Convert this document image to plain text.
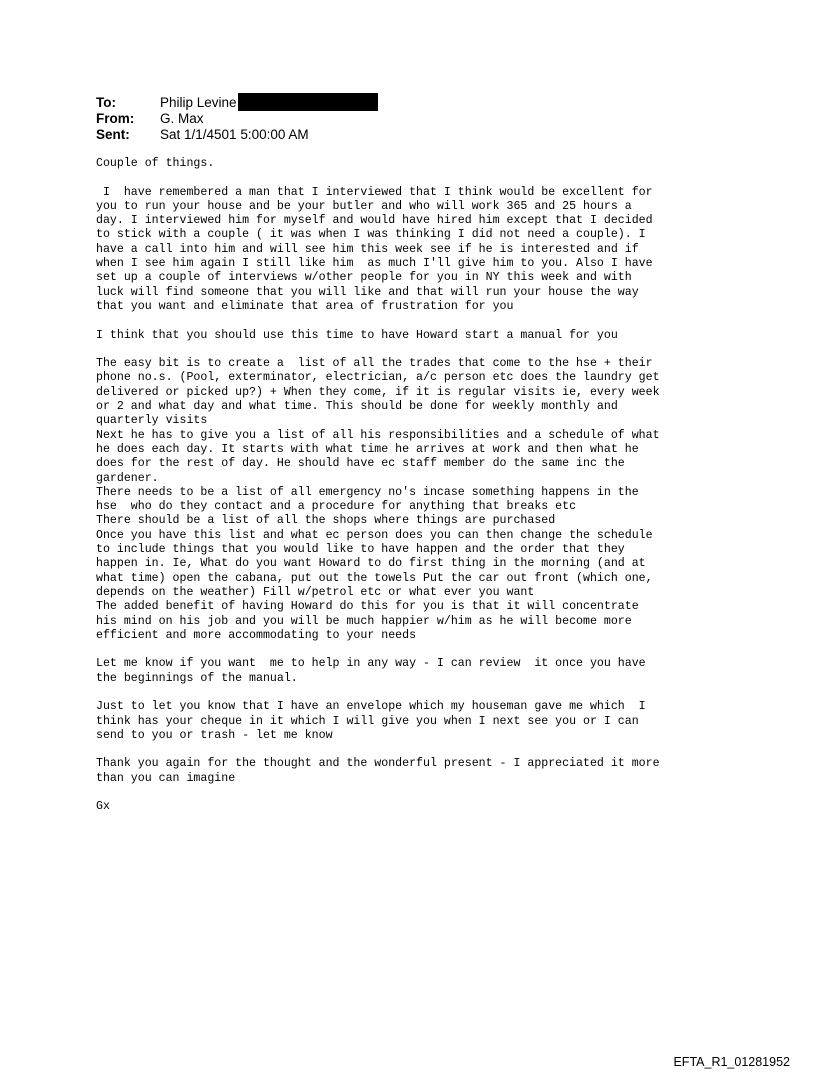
To:	Philip Levine
From:	G. Max
Sent:	Sat 1/1/4501 5:00:00 AM
Couple of things.
I  have remembered a man that I interviewed that I think would be excellent for
you to run your house and be your butler and who will work 365 and 25 hours a
day. I interviewed him for myself and would have hired him except that I decided
to stick with a couple ( it was when I was thinking I did not need a couple). I
have a call into him and will see him this week see if he is interested and if
when I see him again I still like him  as much I'll give him to you. Also I have
set up a couple of interviews w/other people for you in NY this week and with
luck will find someone that you will like and that will run your house the way
that you want and eliminate that area of frustration for you
I think that you should use this time to have Howard start a manual for you
The easy bit is to create a  list of all the trades that come to the hse + their
phone no.s. (Pool, exterminator, electrician, a/c person etc does the laundry get
delivered or picked up?) + When they come, if it is regular visits ie, every week
or 2 and what day and what time. This should be done for weekly monthly and
quarterly visits
Next he has to give you a list of all his responsibilities and a schedule of what
he does each day. It starts with what time he arrives at work and then what he
does for the rest of day. He should have ec staff member do the same inc the
gardener.
There needs to be a list of all emergency no's incase something happens in the
hse  who do they contact and a procedure for anything that breaks etc
There should be a list of all the shops where things are purchased
Once you have this list and what ec person does you can then change the schedule
to include things that you would like to have happen and the order that they
happen in. Ie, What do you want Howard to do first thing in the morning (and at
what time) open the cabana, put out the towels Put the car out front (which one,
depends on the weather) Fill w/petrol etc or what ever you want
The added benefit of having Howard do this for you is that it will concentrate
his mind on his job and you will be much happier w/him as he will become more
efficient and more accommodating to your needs
Let me know if you want  me to help in any way - I can review  it once you have
the beginnings of the manual.
Just to let you know that I have an envelope which my houseman gave me which  I
think has your cheque in it which I will give you when I next see you or I can
send to you or trash - let me know
Thank you again for the thought and the wonderful present - I appreciated it more
than you can imagine
Gx
EFTA_R1_01281952
